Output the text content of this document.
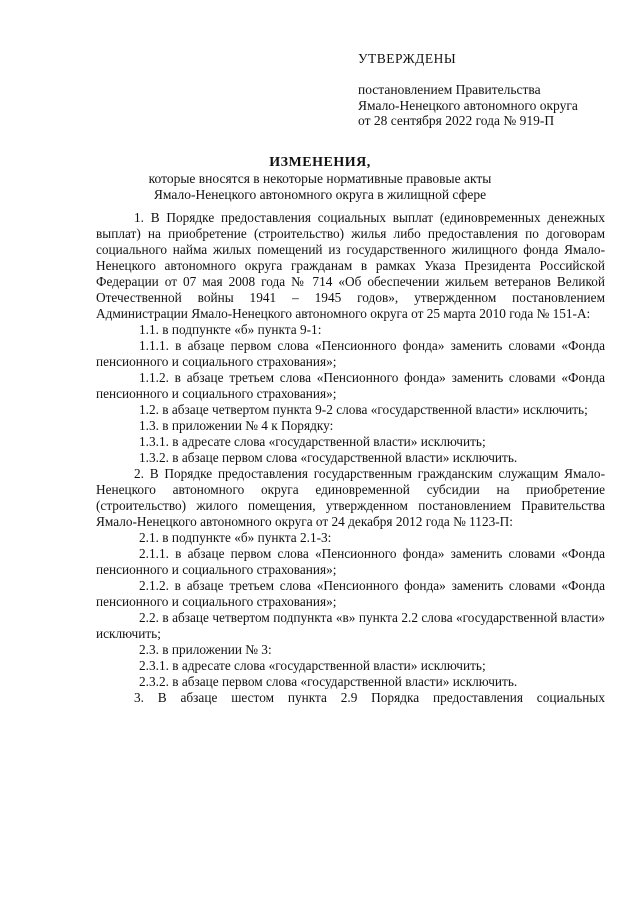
УТВЕРЖДЕНЫ
постановлением Правительства
Ямало-Ненецкого автономного округа
от 28 сентября 2022 года № 919-П
ИЗМЕНЕНИЯ,
которые вносятся в некоторые нормативные правовые акты
Ямало-Ненецкого автономного округа в жилищной сфере

1. В Порядке предоставления социальных выплат (единовременных денежных выплат) на приобретение (строительство) жилья либо предоставления по договорам социального найма жилых помещений из государственного жилищного фонда Ямало-Ненецкого автономного округа гражданам в рамках Указа Президента Российской Федерации от 07 мая 2008 года № 714 «Об обеспечении жильем ветеранов Великой Отечественной войны 1941 – 1945 годов», утвержденном постановлением Администрации Ямало-Ненецкого автономного округа от 25 марта 2010 года № 151-А:

1.1. в подпункте «б» пункта 9-1:

1.1.1. в абзаце первом слова «Пенсионного фонда» заменить словами «Фонда пенсионного и социального страхования»;

1.1.2. в абзаце третьем слова «Пенсионного фонда» заменить словами «Фонда пенсионного и социального страхования»;

1.2. в абзаце четвертом пункта 9-2 слова «государственной власти» исключить;

1.3. в приложении № 4 к Порядку:

1.3.1. в адресате слова «государственной власти» исключить;

1.3.2. в абзаце первом слова «государственной власти» исключить.

2. В Порядке предоставления государственным гражданским служащим Ямало-Ненецкого автономного округа единовременной субсидии на приобретение (строительство) жилого помещения, утвержденном постановлением Правительства Ямало-Ненецкого автономного округа от 24 декабря 2012 года № 1123-П:

2.1. в подпункте «б» пункта 2.1-3:

2.1.1. в абзаце первом слова «Пенсионного фонда» заменить словами «Фонда пенсионного и социального страхования»;

2.1.2. в абзаце третьем слова «Пенсионного фонда» заменить словами «Фонда пенсионного и социального страхования»;

2.2. в абзаце четвертом подпункта «в» пункта 2.2 слова «государственной власти» исключить;

2.3. в приложении № 3:

2.3.1. в адресате слова «государственной власти» исключить;

2.3.2. в абзаце первом слова «государственной власти» исключить.

3. В абзаце шестом пункта 2.9 Порядка предоставления социальных
